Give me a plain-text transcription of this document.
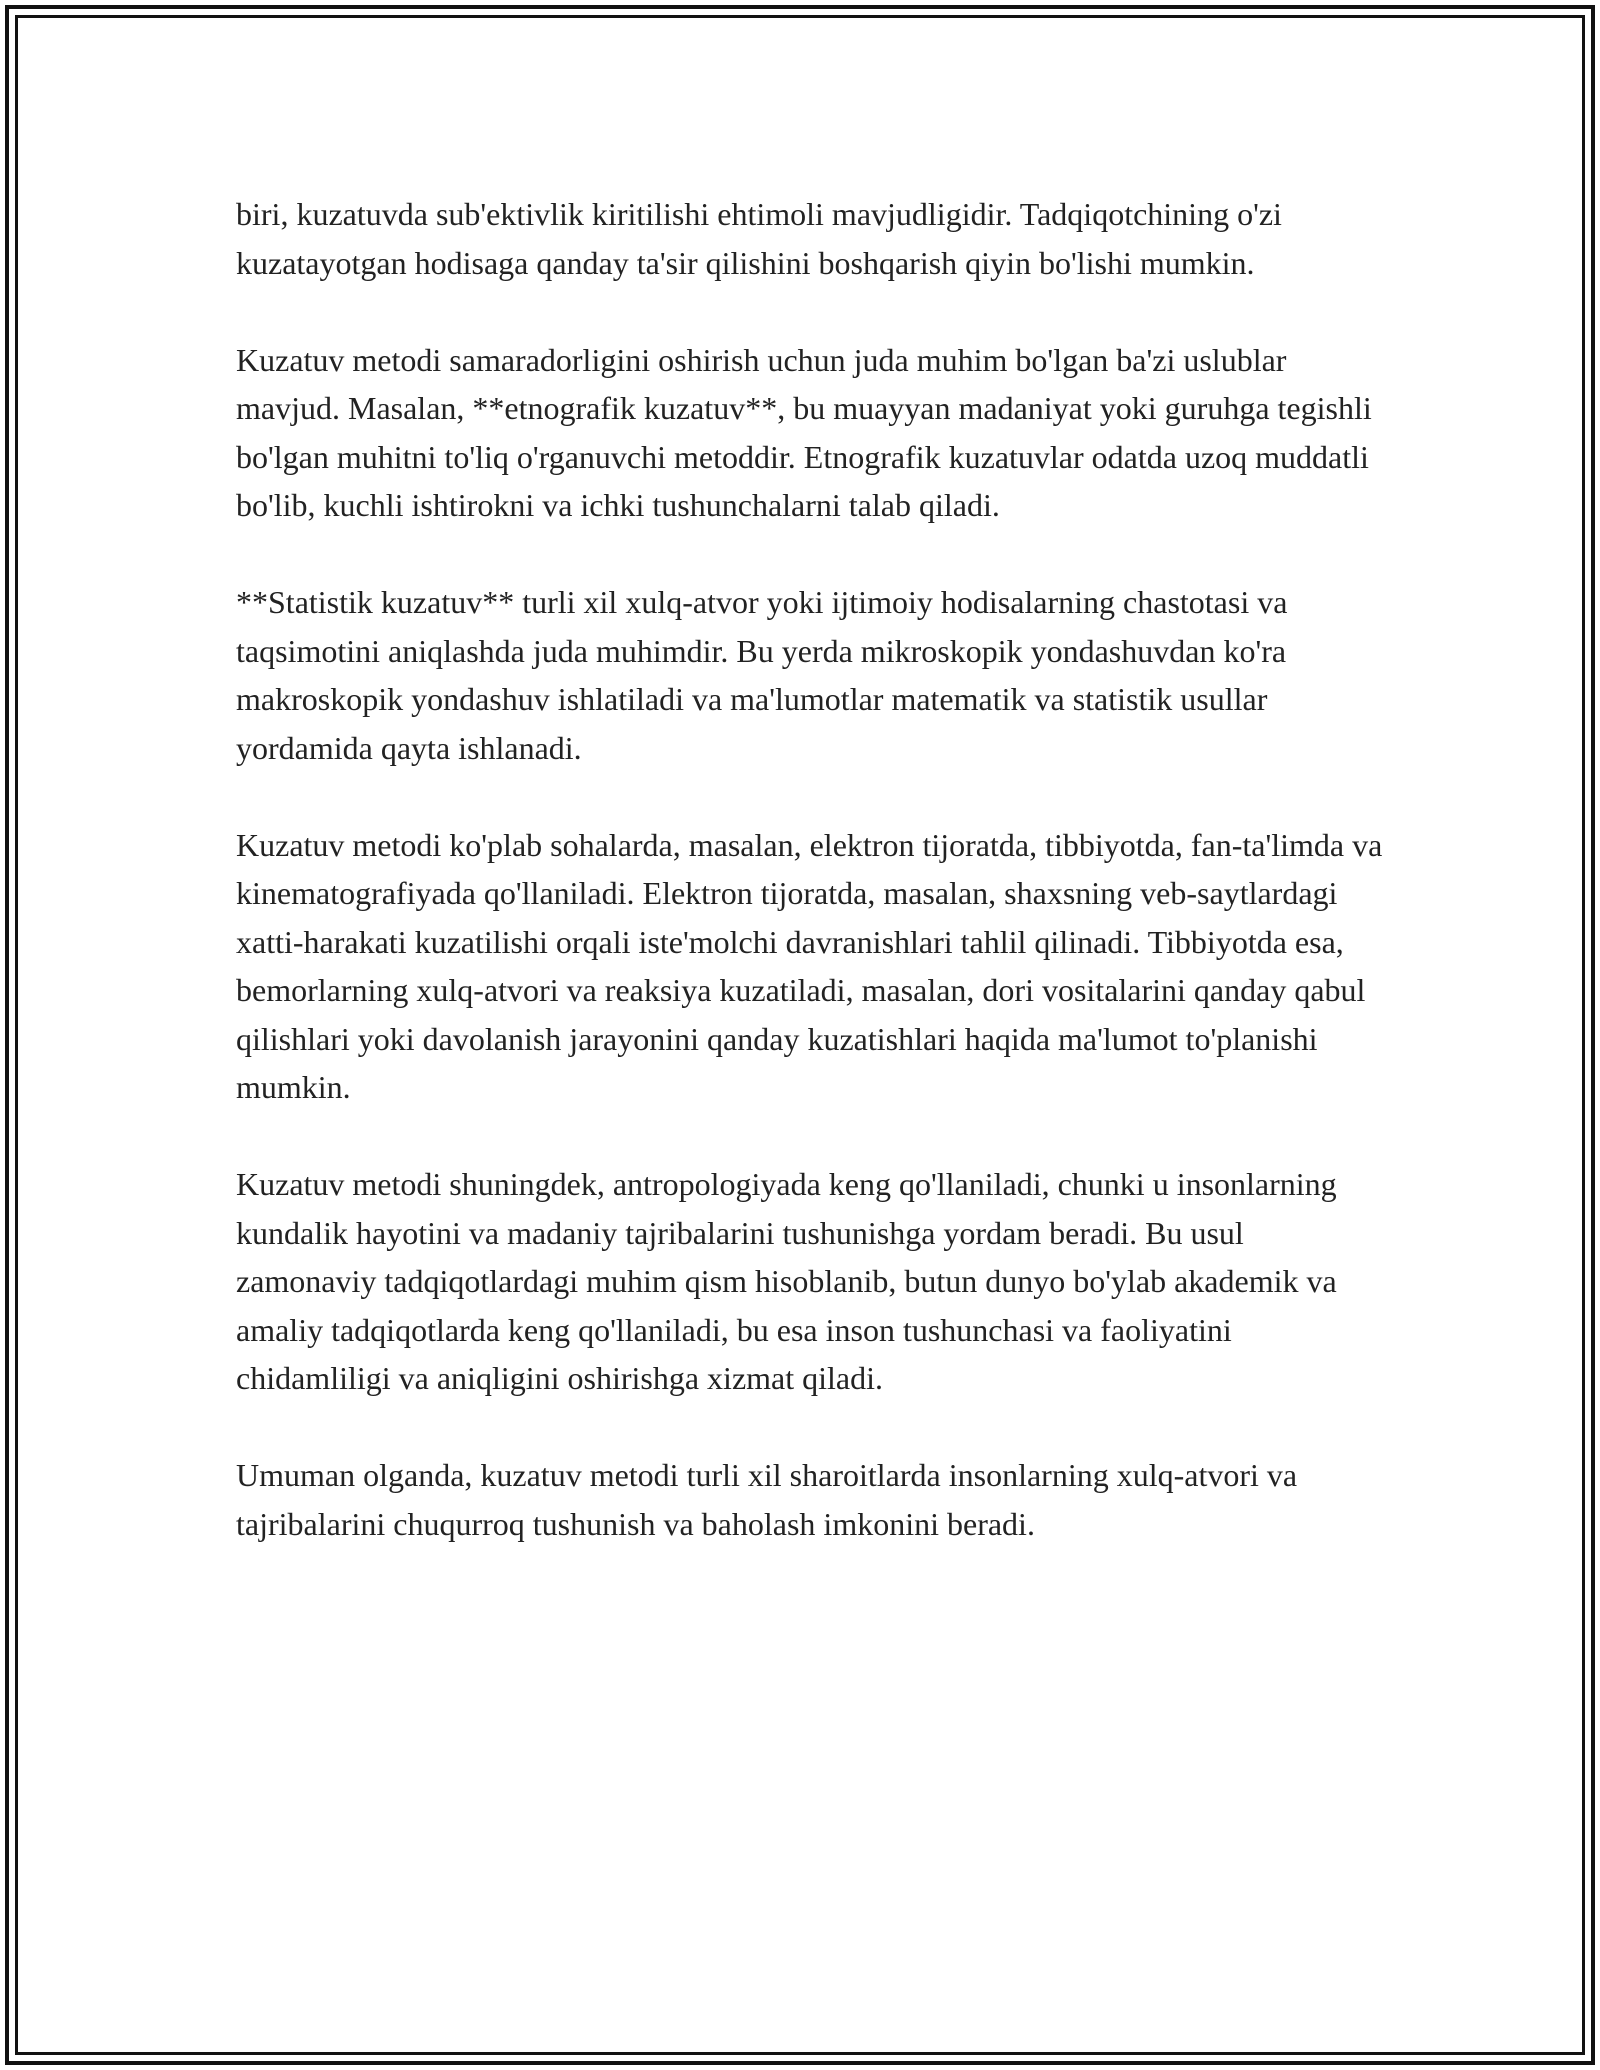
biri, kuzatuvda sub'ektivlik kiritilishi ehtimoli mavjudligidir. Tadqiqotchining o'zi kuzatayotgan hodisaga qanday ta'sir qilishini boshqarish qiyin bo'lishi mumkin.

Kuzatuv metodi samaradorligini oshirish uchun juda muhim bo'lgan ba'zi uslublar mavjud. Masalan, **etnografik kuzatuv**, bu muayyan madaniyat yoki guruhga tegishli bo'lgan muhitni to'liq o'rganuvchi metoddir. Etnografik kuzatuvlar odatda uzoq muddatli bo'lib, kuchli ishtirokni va ichki tushunchalarni talab qiladi.

**Statistik kuzatuv** turli xil xulq-atvor yoki ijtimoiy hodisalarning chastotasi va taqsimotini aniqlashda juda muhimdir. Bu yerda mikroskopik yondashuvdan ko'ra makroskopik yondashuv ishlatiladi va ma'lumotlar matematik va statistik usullar yordamida qayta ishlanadi.

Kuzatuv metodi ko'plab sohalarda, masalan, elektron tijoratda, tibbiyotda, fan-ta'limda va kinematografiyada qo'llaniladi. Elektron tijoratda, masalan, shaxsning veb-saytlardagi xatti-harakati kuzatilishi orqali iste'molchi davranishlari tahlil qilinadi. Tibbiyotda esa, bemorlarning xulq-atvori va reaksiya kuzatiladi, masalan, dori vositalarini qanday qabul qilishlari yoki davolanish jarayonini qanday kuzatishlari haqida ma'lumot to'planishi mumkin.

Kuzatuv metodi shuningdek, antropologiyada keng qo'llaniladi, chunki u insonlarning kundalik hayotini va madaniy tajribalarini tushunishga yordam beradi. Bu usul zamonaviy tadqiqotlardagi muhim qism hisoblanib, butun dunyo bo'ylab akademik va amaliy tadqiqotlarda keng qo'llaniladi, bu esa inson tushunchasi va faoliyatini chidamliligi va aniqligini oshirishga xizmat qiladi.

Umuman olganda, kuzatuv metodi turli xil sharoitlarda insonlarning xulq-atvori va tajribalarini chuqurroq tushunish va baholash imkonini beradi.
